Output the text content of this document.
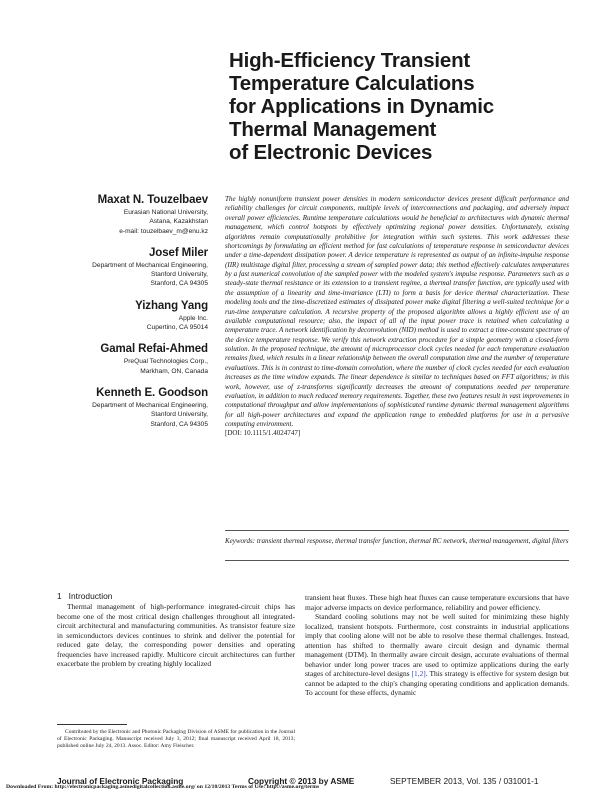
High-Efficiency Transient
Temperature Calculations
for Applications in Dynamic
Thermal Management
of Electronic Devices
Maxat N. Touzelbaev
Eurasian National University,
Astana, Kazakhstan
e-mail: touzelbaev_m@enu.kz
Josef Miler
Department of Mechanical Engineering,
Stanford University,
Stanford, CA 94305
Yizhang Yang
Apple Inc.
Cupertino, CA 95014
Gamal Refai-Ahmed
PreQual Technologies Corp.,
Markham, ON, Canada
Kenneth E. Goodson
Department of Mechanical Engineering,
Stanford University,
Stanford, CA 94305

The highly nonuniform transient power densities in modern semiconductor devices present difficult performance and reliability challenges for circuit components, multiple levels of interconnections and packaging, and adversely impact overall power efficiencies. Runtime temperature calculations would be beneficial to architectures with dynamic thermal management, which control hotspots by effectively optimizing regional power densities. Unfortunately, existing algorithms remain computationally prohibitive for integration within such systems. This work addresses these shortcomings by formulating an efficient method for fast calculations of temperature response in semiconductor devices under a time-dependent dissipation power. A device temperature is represented as output of an infinite-impulse response (IIR) multistage digital filter, processing a stream of sampled power data; this method effectively calculates temperatures by a fast numerical convolution of the sampled power with the modeled system's impulse response. Parameters such as a steady-state thermal resistance or its extension to a transient regime, a thermal transfer function, are typically used with the assumption of a linearity and time-invariance (LTI) to form a basis for device thermal characterization. These modeling tools and the time-discretized estimates of dissipated power make digital filtering a well-suited technique for a run-time temperature calculation. A recursive property of the proposed algorithm allows a highly efficient use of an available computational resource; also, the impact of all of the input power trace is retained when calculating a temperature trace. A network identification by deconvolution (NID) method is used to extract a time-constant spectrum of the device temperature response. We verify this network extraction procedure for a simple geometry with a closed-form solution. In the proposed technique, the amount of microprocessor clock cycles needed for each temperature evaluation remains fixed, which results in a linear relationship between the overall computation time and the number of temperature evaluations. This is in contrast to time-domain convolution, where the number of clock cycles needed for each evaluation increases as the time window expands. The linear dependence is similar to techniques based on FFT algorithms; in this work, however, use of z-transforms significantly decreases the amount of computations needed per temperature evaluation, in addition to much reduced memory requirements. Together, these two features result in vast improvements in computational throughput and allow implementations of sophisticated runtime dynamic thermal management algorithms for all high-power architectures and expand the application range to embedded platforms for use in a pervasive computing environment.

[DOI: 10.1115/1.4024747]
Keywords: transient thermal response, thermal transfer function, thermal RC network, thermal management, digital filters
1 Introduction

Thermal management of high-performance integrated-circuit chips has become one of the most critical design challenges throughout all integrated-circuit architectural and manufacturing communities. As transistor feature size in semiconductors devices continues to shrink and deliver the potential for reduced gate delay, the corresponding power densities and operating frequencies have increased rapidly. Multicore circuit architectures can further exacerbate the problem by creating highly localized

transient heat fluxes. These high heat fluxes can cause temperature excursions that have major adverse impacts on device performance, reliability and power efficiency.

Standard cooling solutions may not be well suited for minimizing these highly localized, transient hotspots. Furthermore, cost constraints in industrial applications imply that cooling alone will not be able to resolve these thermal challenges. Instead, attention has shifted to thermally aware circuit design and dynamic thermal management (DTM). In thermally aware circuit design, accurate evaluations of thermal behavior under long power traces are used to optimize applications during the early stages of architecture-level designs [1,2]. This strategy is effective for system design but cannot be adapted to the chip's changing operating conditions and application demands. To account for these effects, dynamic

Contributed by the Electronic and Photonic Packaging Division of ASME for publication in the Journal of Electronic Packaging. Manuscript received July 3, 2012; final manuscript received April 18, 2013; published online July 24, 2013. Assoc. Editor: Amy Fleischer.

Journal of Electronic Packaging	Copyright © 2013 by ASME	SEPTEMBER 2013, Vol. 135 / 031001-1
Downloaded From: http://electronicpackaging.asmedigitalcollection.asme.org/ on 12/10/2013 Terms of Use: http://asme.org/terms
